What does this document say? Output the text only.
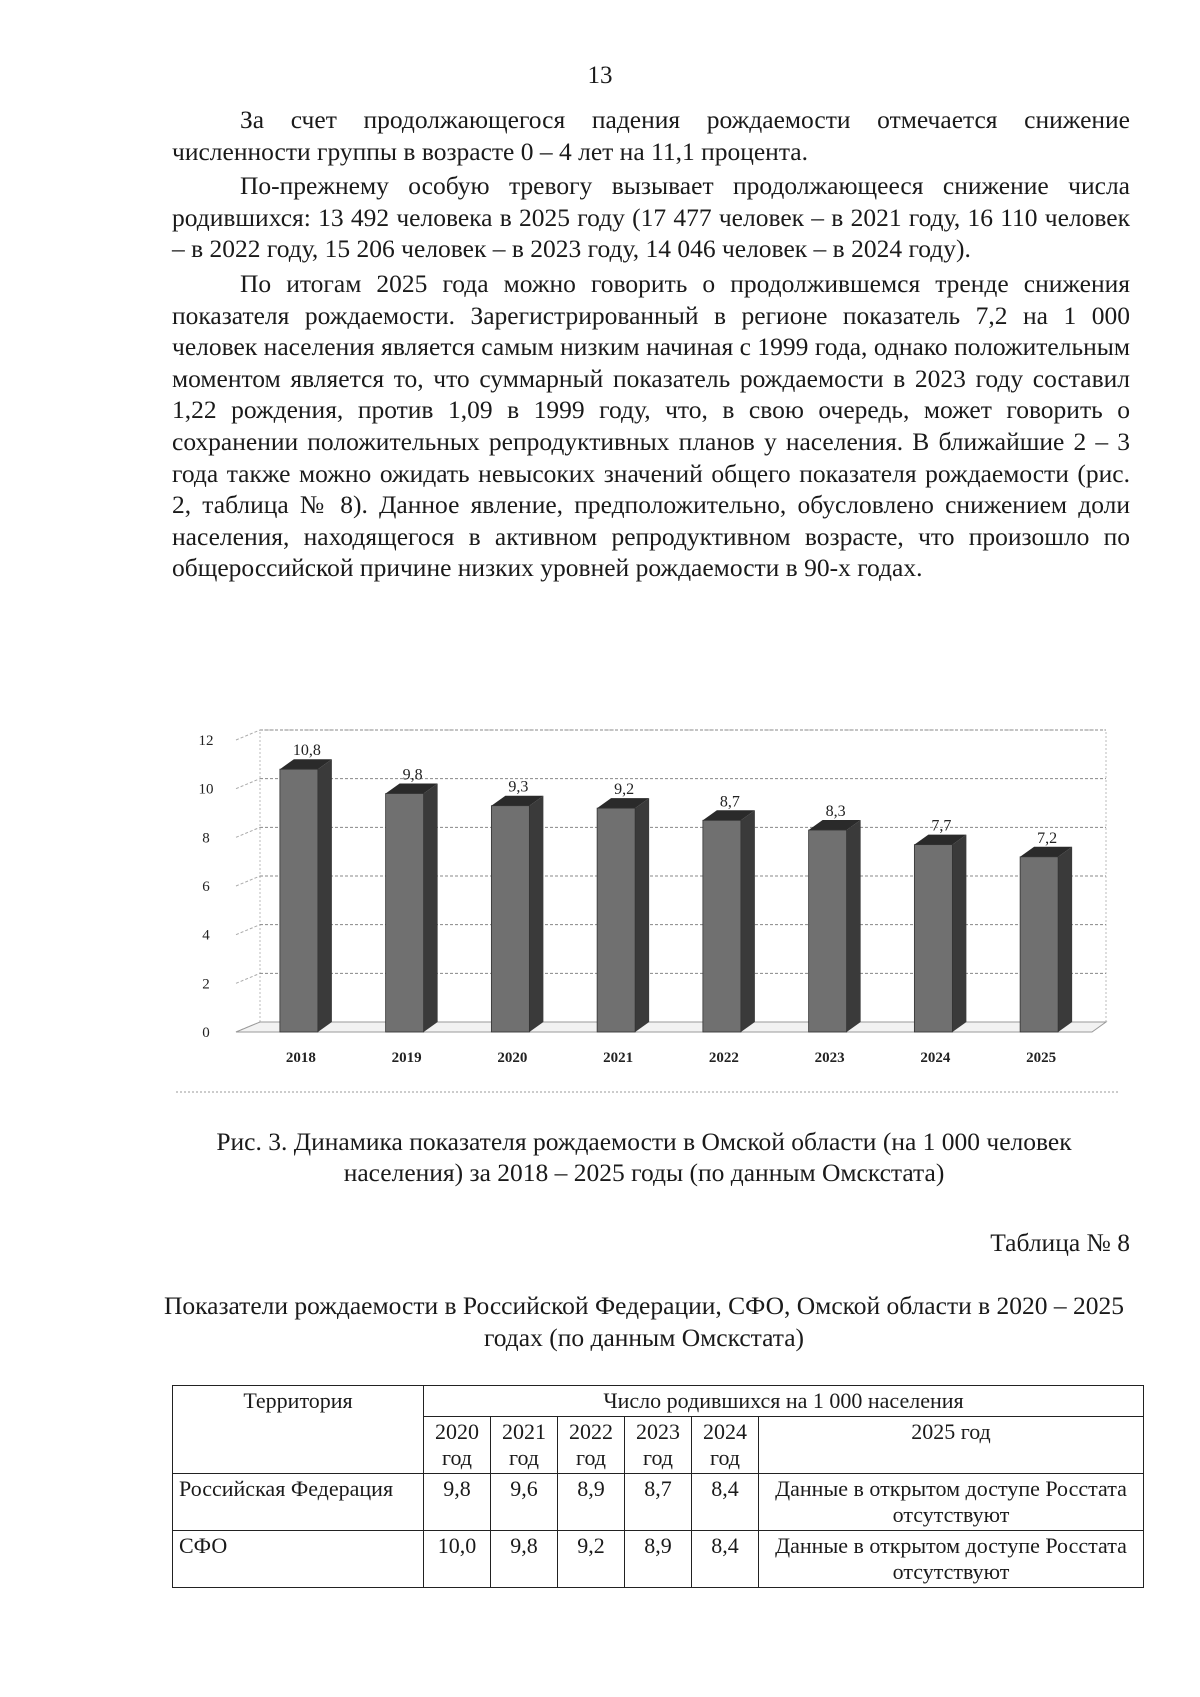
13

За счет продолжающегося падения рождаемости отмечается снижение численности группы в возрасте 0 – 4 лет на 11,1 процента.

По-прежнему особую тревогу вызывает продолжающееся снижение числа родившихся: 13 492 человека в 2025 году (17 477 человек – в 2021 году, 16 110 человек – в 2022 году, 15 206 человек – в 2023 году, 14 046 человек – в 2024 году).

По итогам 2025 года можно говорить о продолжившемся тренде снижения показателя рождаемости. Зарегистрированный в регионе показатель 7,2 на 1 000 человек населения является самым низким начиная с 1999 года, однако положительным моментом является то, что суммарный показатель рождаемости в 2023 году составил 1,22 рождения, против 1,09 в 1999 году, что, в свою очередь, может говорить о сохранении положительных репродуктивных планов у населения. В ближайшие 2 – 3 года также можно ожидать невысоких значений общего показателя рождаемости (рис. 2, таблица № 8). Данное явление, предположительно, обусловлено снижением доли населения, находящегося в активном репродуктивном возрасте, что произошло по общероссийской причине низких уровней рождаемости в 90-х годах.

0
2
4
6
8
10
12
10,8
2018
9,8
2019
9,3
2020
9,2
2021
8,7
2022
8,3
2023
7,7
2024
7,2
2025
Рис. 3. Динамика показателя рождаемости в Омской области (на 1 000 человек населения) за 2018 – 2025 годы (по данным Омскстата)
Таблица № 8
Показатели рождаемости в Российской Федерации, СФО, Омской области в 2020 – 2025 годах (по данным Омскстата)
Территория	Число родившихся на 1 000 населения					
	2020 год	2021 год	2022 год	2023 год	2024 год	2025 год
Российская Федерация	9,8	9,6	8,9	8,7	8,4	Данные в открытом доступе Росстата отсутствуют
СФО	10,0	9,8	9,2	8,9	8,4	Данные в открытом доступе Росстата отсутствуют
